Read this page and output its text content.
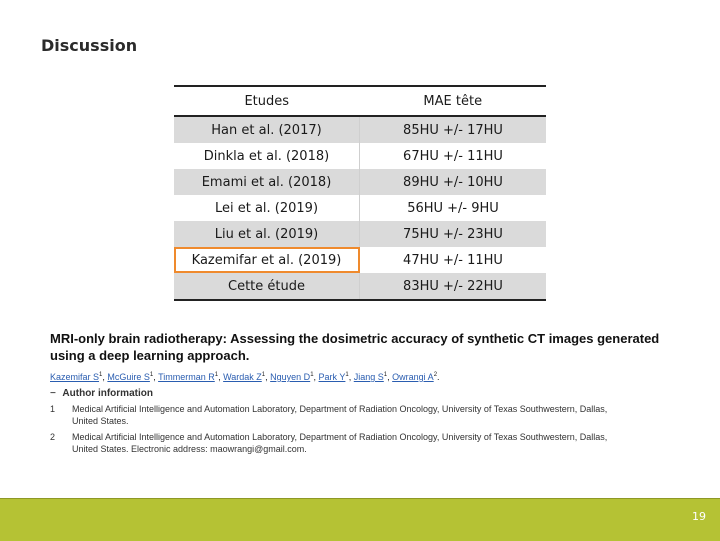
Discussion
Etudes	MAE tête
Han et al. (2017)	85HU +/- 17HU
Dinkla et al. (2018)	67HU +/- 11HU
Emami et al. (2018)	89HU +/- 10HU
Lei et al. (2019)	56HU +/- 9HU
Liu et al. (2019)	75HU +/- 23HU
Kazemifar et al. (2019)	47HU +/- 11HU
Cette étude	83HU +/- 22HU
MRI-only brain radiotherapy: Assessing the dosimetric accuracy of synthetic CT images generated
using a deep learning approach.
Kazemifar $S^1$, McGuire $S^1$, Timmerman $R^1$, Wardak $Z^1$, Nguyen $D^1$, Park $Y^1$, Jiang $S^1$, Owrangi $A^2$.
− Author information
1	Medical Artificial Intelligence and Automation Laboratory, Department of Radiation Oncology, University of Texas Southwestern, Dallas,
United States.
2	Medical Artificial Intelligence and Automation Laboratory, Department of Radiation Oncology, University of Texas Southwestern, Dallas,
United States. Electronic address: maowrangi@gmail.com.
19
